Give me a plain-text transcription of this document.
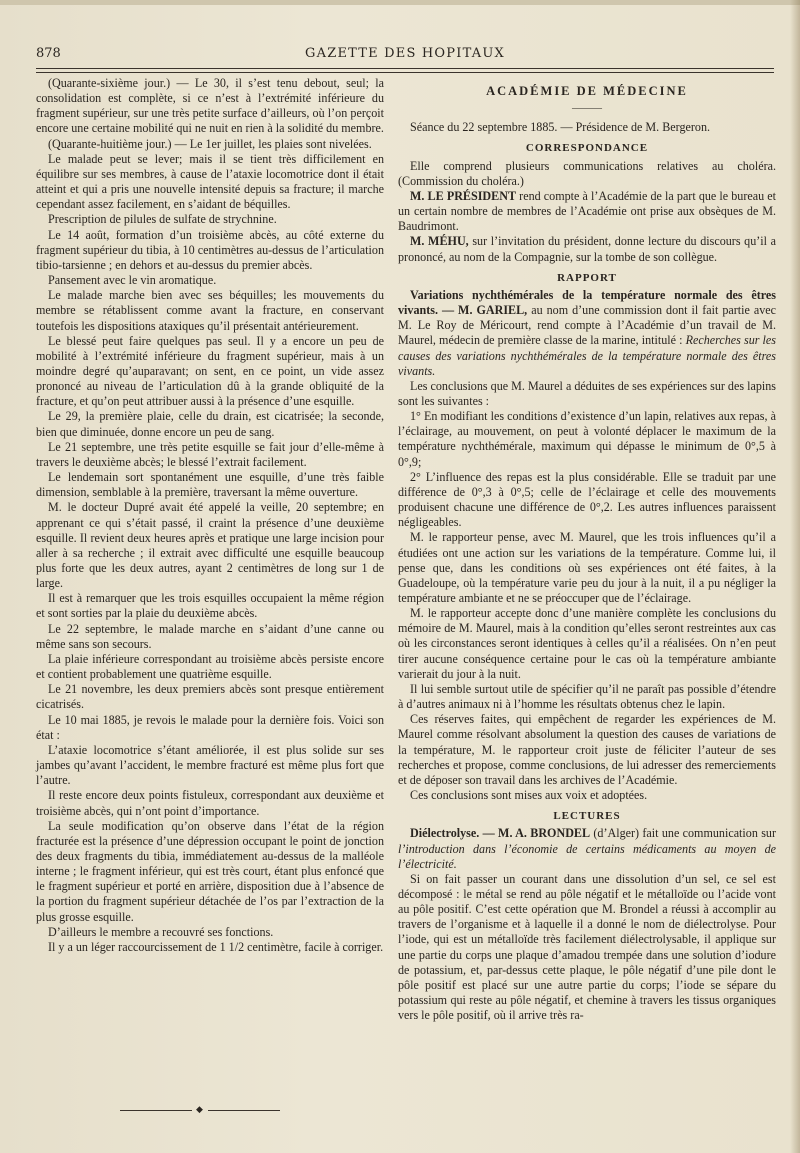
878	GAZETTE DES HOPITAUX

(Quarante-sixième jour.) — Le 30, il s’est tenu debout, seul; la consolidation est complète, si ce n’est à l’extrémité inférieure du fragment supérieur, sur une très petite surface d’ailleurs, où l’on perçoit encore une certaine mobilité qui ne nuit en rien à la solidité du membre.

(Quarante-huitième jour.) — Le 1er juillet, les plaies sont nivelées.

Le malade peut se lever; mais il se tient très difficilement en équilibre sur ses membres, à cause de l’ataxie locomotrice dont il était atteint et qui a pris une nouvelle intensité depuis sa fracture; il marche cependant assez facilement, en s’aidant de béquilles.

Prescription de pilules de sulfate de strychnine.

Le 14 août, formation d’un troisième abcès, au côté externe du fragment supérieur du tibia, à 10 centimètres au-dessus de l’articulation tibio-tarsienne ; en dehors et au-dessus du premier abcès.

Pansement avec le vin aromatique.

Le malade marche bien avec ses béquilles; les mouvements du membre se rétablissent comme avant la fracture, en conservant toutefois les dispositions ataxiques qu’il présentait antérieurement.

Le blessé peut faire quelques pas seul. Il y a encore un peu de mobilité à l’extrémité inférieure du fragment supérieur, mais à un moindre degré qu’auparavant; on sent, en ce point, un vide assez prononcé au niveau de l’articulation dû à la grande obliquité de la fracture, et qu’on peut attribuer aussi à la présence d’une esquille.

Le 29, la première plaie, celle du drain, est cicatrisée; la seconde, bien que diminuée, donne encore un peu de sang.

Le 21 septembre, une très petite esquille se fait jour d’elle-même à travers le deuxième abcès; le blessé l’extrait facilement.

Le lendemain sort spontanément une esquille, d’une très faible dimension, semblable à la première, traversant la même ouverture.

M. le docteur Dupré avait été appelé la veille, 20 septembre; en apprenant ce qui s’était passé, il craint la présence d’une deuxième esquille. Il revient deux heures après et pratique une large incision pour aller à sa recherche ; il extrait avec difficulté une esquille beaucoup plus forte que les deux autres, ayant 2 centimètres de long sur 1 de large.

Il est à remarquer que les trois esquilles occupaient la même région et sont sorties par la plaie du deuxième abcès.

Le 22 septembre, le malade marche en s’aidant d’une canne ou même sans son secours.

La plaie inférieure correspondant au troisième abcès persiste encore et contient probablement une quatrième esquille.

Le 21 novembre, les deux premiers abcès sont presque entièrement cicatrisés.

Le 10 mai 1885, je revois le malade pour la dernière fois. Voici son état :

L’ataxie locomotrice s’étant améliorée, il est plus solide sur ses jambes qu’avant l’accident, le membre fracturé est même plus fort que l’autre.

Il reste encore deux points fistuleux, correspondant aux deuxième et troisième abcès, qui n’ont point d’importance.

La seule modification qu’on observe dans l’état de la région fracturée est la présence d’une dépression occupant le point de jonction des deux fragments du tibia, immédiatement au-dessus de la malléole interne ; le fragment inférieur, qui est très court, étant plus enfoncé que le fragment supérieur et porté en arrière, disposition due à l’absence de la portion du fragment supérieur détachée de l’os par l’extraction de la plus grosse esquille.

D’ailleurs le membre a recouvré ses fonctions.

Il y a un léger raccourcissement de 1 1/2 centimètre, facile à corriger.

◆
ACADÉMIE DE MÉDECINE
———

Séance du 22 septembre 1885. — Présidence de M. Bergeron.

CORRESPONDANCE

Elle comprend plusieurs communications relatives au choléra. (Commission du choléra.)

M. LE PRÉSIDENT rend compte à l’Académie de la part que le bureau et un certain nombre de membres de l’Académie ont prise aux obsèques de M. Baudrimont.

M. MÉHU, sur l’invitation du président, donne lecture du discours qu’il a prononcé, au nom de la Compagnie, sur la tombe de son collègue.

RAPPORT

Variations nychthémérales de la température normale des êtres vivants. — M. GARIEL, au nom d’une commission dont il fait partie avec M. Le Roy de Méricourt, rend compte à l’Académie d’un travail de M. Maurel, médecin de première classe de la marine, intitulé : Recherches sur les causes des variations nychthémérales de la température normale des êtres vivants.

Les conclusions que M. Maurel a déduites de ses expériences sur des lapins sont les suivantes :

1° En modifiant les conditions d’existence d’un lapin, relatives aux repas, à l’éclairage, au mouvement, on peut à volonté déplacer le maximum de la température nychthémérale, maximum qui dépasse le minimum de 0°,5 à 0°,9;

2° L’influence des repas est la plus considérable. Elle se traduit par une différence de 0°,3 à 0°,5; celle de l’éclairage et celle des mouvements produisent chacune une différence de 0°,2. Les autres influences paraissent négligeables.

M. le rapporteur pense, avec M. Maurel, que les trois influences qu’il a étudiées ont une action sur les variations de la température. Comme lui, il pense que, dans les conditions où ses expériences ont été faites, à la Guadeloupe, où la température varie peu du jour à la nuit, il a pu négliger la température ambiante et ne se préoccuper que de l’éclairage.

M. le rapporteur accepte donc d’une manière complète les conclusions du mémoire de M. Maurel, mais à la condition qu’elles seront restreintes aux cas où les circonstances seront identiques à celles qu’il a réalisées. On n’en peut tirer aucune conséquence certaine pour le cas où la température ambiante varierait du jour à la nuit.

Il lui semble surtout utile de spécifier qu’il ne paraît pas possible d’étendre à d’autres animaux ni à l’homme les résultats obtenus chez le lapin.

Ces réserves faites, qui empêchent de regarder les expériences de M. Maurel comme résolvant absolument la question des causes de variations de la température, M. le rapporteur croit juste de féliciter l’auteur de ses recherches et propose, comme conclusions, de lui adresser des remerciements et de déposer son travail dans les archives de l’Académie.

Ces conclusions sont mises aux voix et adoptées.

LECTURES

Diélectrolyse. — M. A. BRONDEL (d’Alger) fait une communication sur l’introduction dans l’économie de certains médicaments au moyen de l’électricité.

Si on fait passer un courant dans une dissolution d’un sel, ce sel est décomposé : le métal se rend au pôle négatif et le métalloïde ou l’acide vont au pôle positif. C’est cette opération que M. Brondel a réussi à accomplir au travers de l’organisme et à laquelle il a donné le nom de diélectrolyse. Pour l’iode, qui est un métalloïde très facilement diélectrolysable, il applique sur une partie du corps une plaque d’amadou trempée dans une solution d’iodure de potassium, et, par-dessus cette plaque, le pôle négatif d’une pile dont le pôle positif est placé sur une autre partie du corps; l’iode se sépare du potassium qui reste au pôle négatif, et chemine à travers les tissus organiques vers le pôle positif, où il arrive très ra-
